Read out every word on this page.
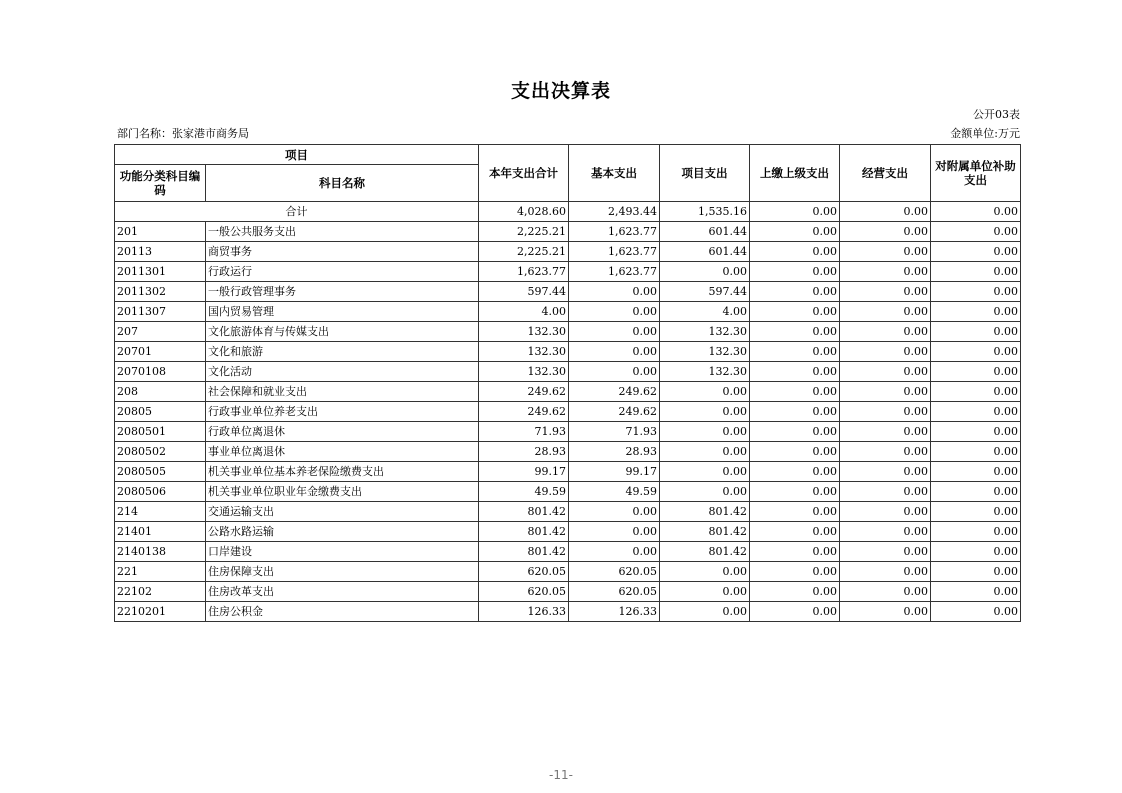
支出决算表
公开03表
部门名称：张家港市商务局	金额单位:万元
项目		本年支出合计	基本支出	项目支出	上缴上级支出	经营支出	对附属单位补助支出
功能分类科目编码	科目名称						
合计		4,028.60	2,493.44	1,535.16	0.00	0.00	0.00
201	一般公共服务支出	2,225.21	1,623.77	601.44	0.00	0.00	0.00
20113	商贸事务	2,225.21	1,623.77	601.44	0.00	0.00	0.00
2011301	行政运行	1,623.77	1,623.77	0.00	0.00	0.00	0.00
2011302	一般行政管理事务	597.44	0.00	597.44	0.00	0.00	0.00
2011307	国内贸易管理	4.00	0.00	4.00	0.00	0.00	0.00
207	文化旅游体育与传媒支出	132.30	0.00	132.30	0.00	0.00	0.00
20701	文化和旅游	132.30	0.00	132.30	0.00	0.00	0.00
2070108	文化活动	132.30	0.00	132.30	0.00	0.00	0.00
208	社会保障和就业支出	249.62	249.62	0.00	0.00	0.00	0.00
20805	行政事业单位养老支出	249.62	249.62	0.00	0.00	0.00	0.00
2080501	行政单位离退休	71.93	71.93	0.00	0.00	0.00	0.00
2080502	事业单位离退休	28.93	28.93	0.00	0.00	0.00	0.00
2080505	机关事业单位基本养老保险缴费支出	99.17	99.17	0.00	0.00	0.00	0.00
2080506	机关事业单位职业年金缴费支出	49.59	49.59	0.00	0.00	0.00	0.00
214	交通运输支出	801.42	0.00	801.42	0.00	0.00	0.00
21401	公路水路运输	801.42	0.00	801.42	0.00	0.00	0.00
2140138	口岸建设	801.42	0.00	801.42	0.00	0.00	0.00
221	住房保障支出	620.05	620.05	0.00	0.00	0.00	0.00
22102	住房改革支出	620.05	620.05	0.00	0.00	0.00	0.00
2210201	住房公积金	126.33	126.33	0.00	0.00	0.00	0.00
-11-
